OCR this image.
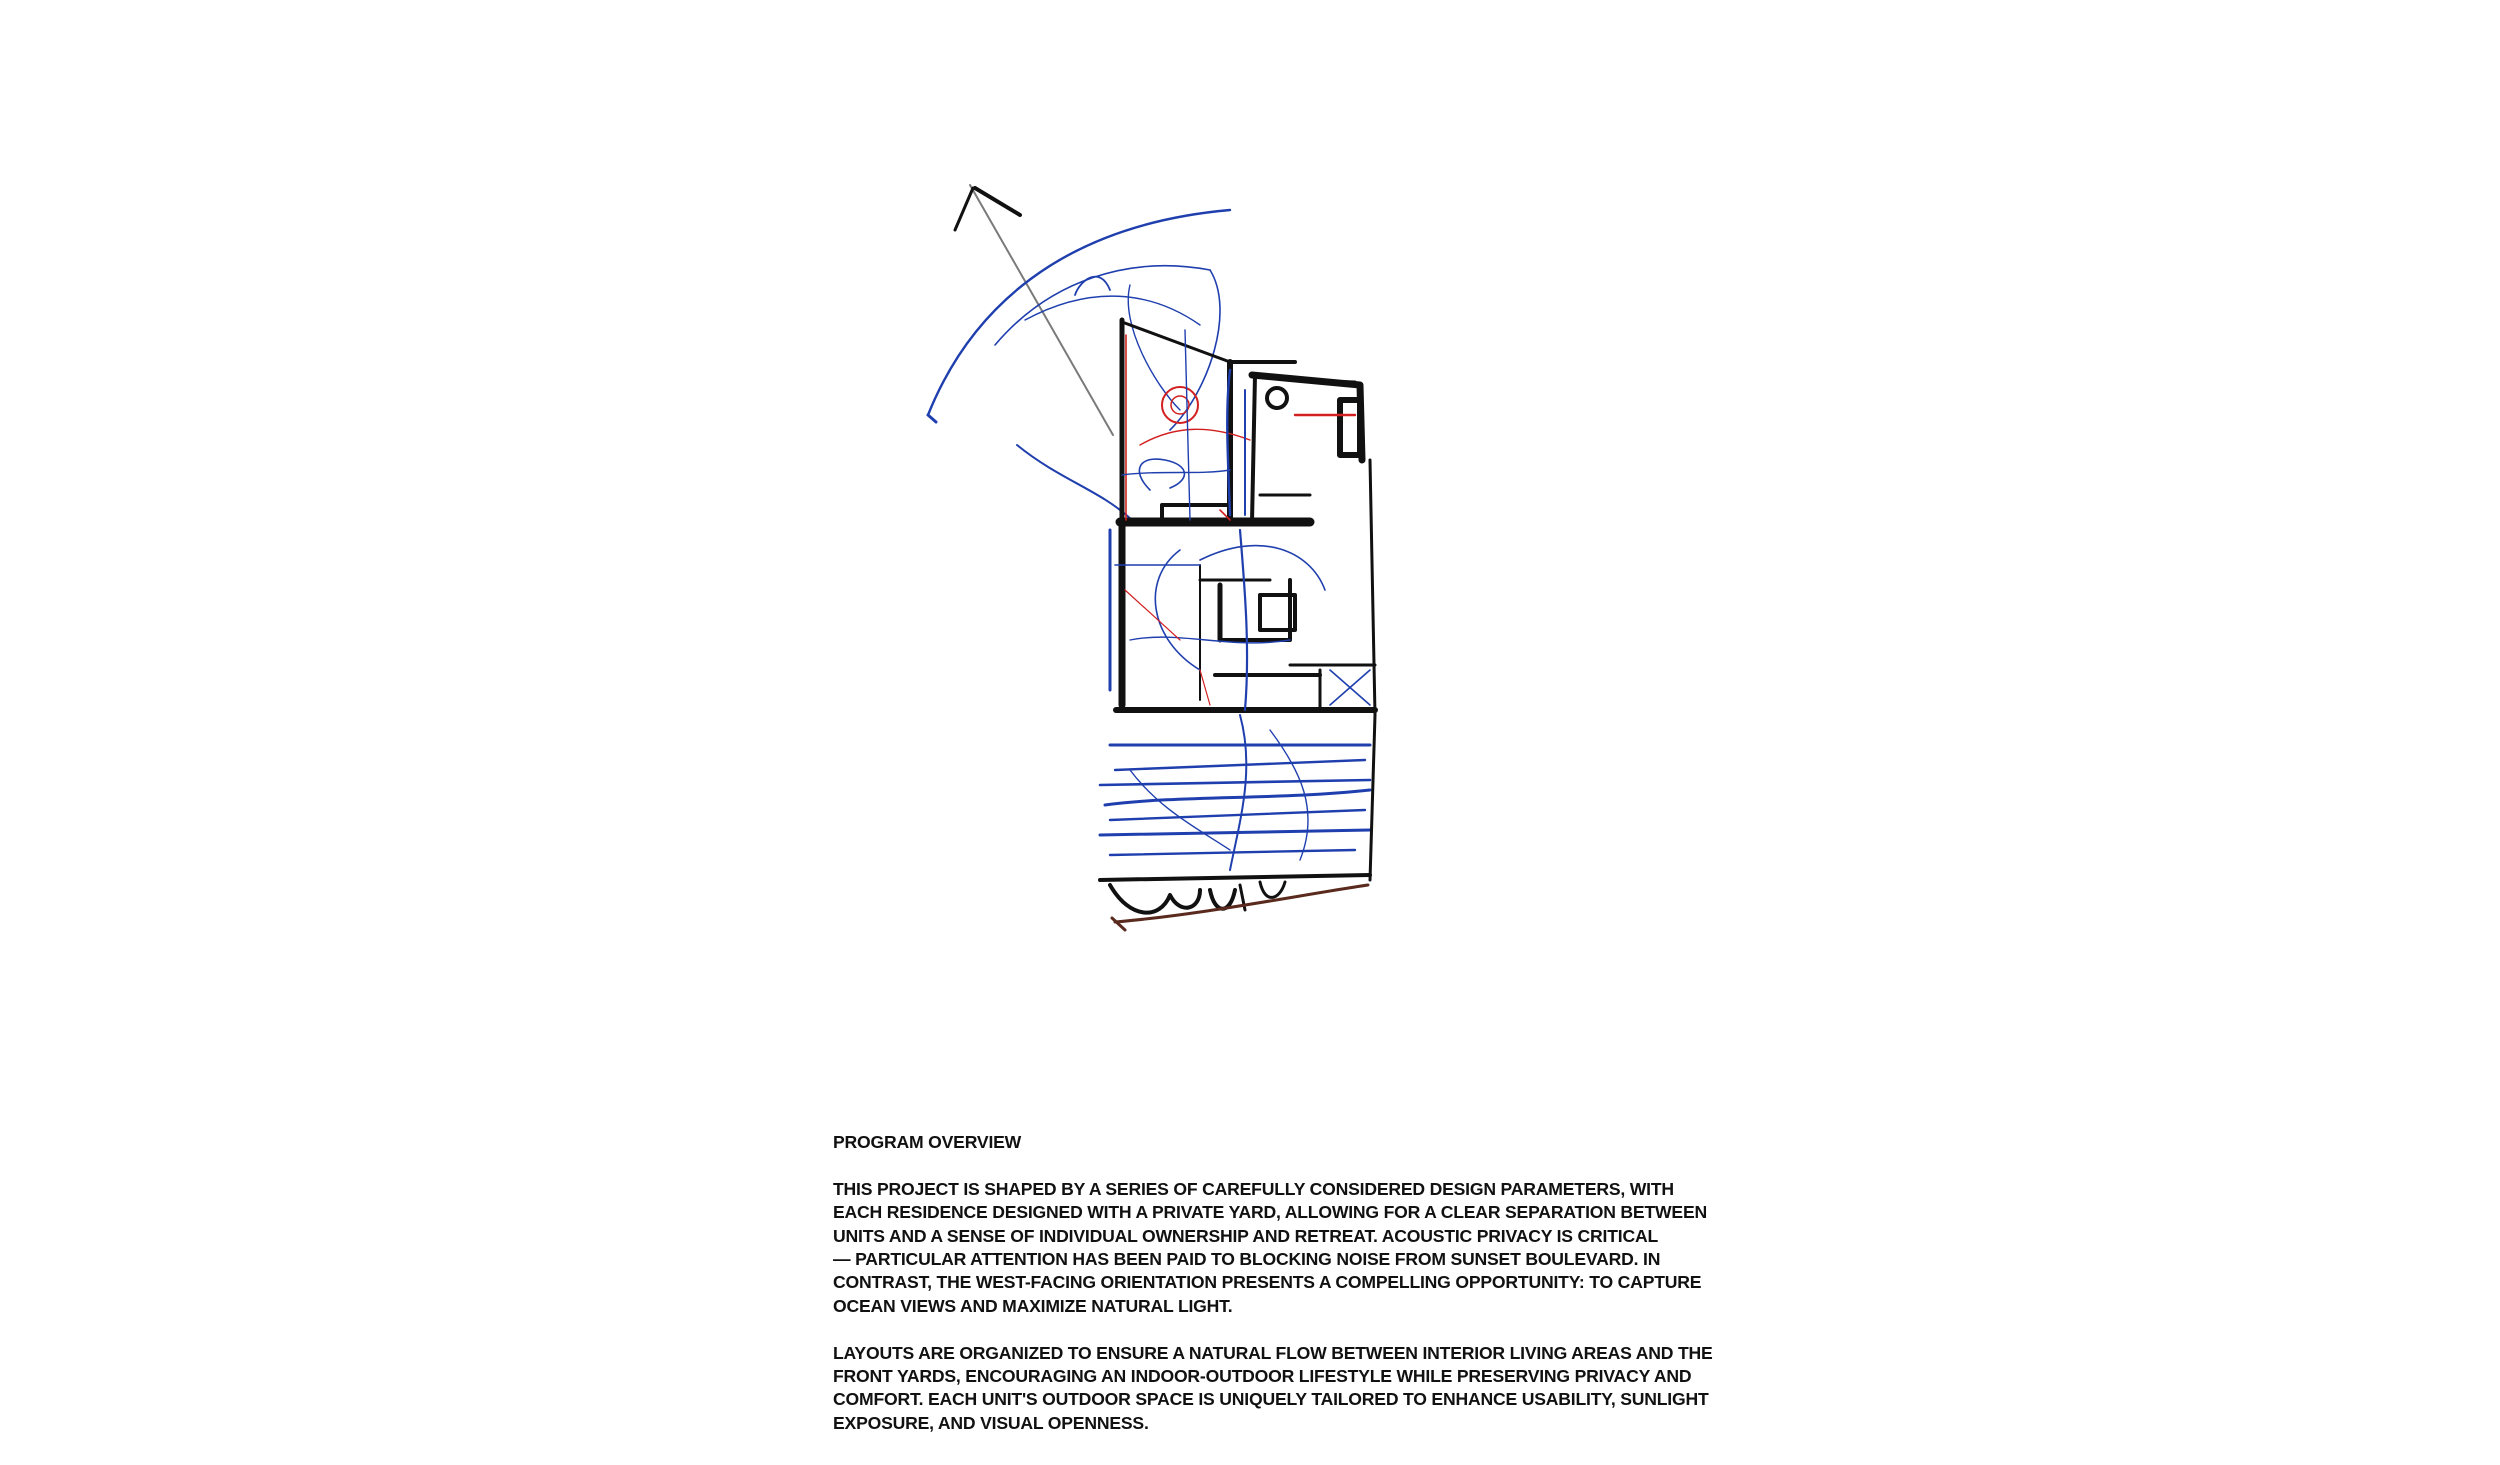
PROGRAM OVERVIEW

THIS PROJECT IS SHAPED BY A SERIES OF CAREFULLY CONSIDERED DESIGN PARAMETERS, WITH
EACH RESIDENCE DESIGNED WITH A PRIVATE YARD, ALLOWING FOR A CLEAR SEPARATION BETWEEN
UNITS AND A SENSE OF INDIVIDUAL OWNERSHIP AND RETREAT. ACOUSTIC PRIVACY IS CRITICAL
— PARTICULAR ATTENTION HAS BEEN PAID TO BLOCKING NOISE FROM SUNSET BOULEVARD. IN
CONTRAST, THE WEST-FACING ORIENTATION PRESENTS A COMPELLING OPPORTUNITY: TO CAPTURE
OCEAN VIEWS AND MAXIMIZE NATURAL LIGHT.

LAYOUTS ARE ORGANIZED TO ENSURE A NATURAL FLOW BETWEEN INTERIOR LIVING AREAS AND THE
FRONT YARDS, ENCOURAGING AN INDOOR-OUTDOOR LIFESTYLE WHILE PRESERVING PRIVACY AND
COMFORT. EACH UNIT'S OUTDOOR SPACE IS UNIQUELY TAILORED TO ENHANCE USABILITY, SUNLIGHT
EXPOSURE, AND VISUAL OPENNESS.
